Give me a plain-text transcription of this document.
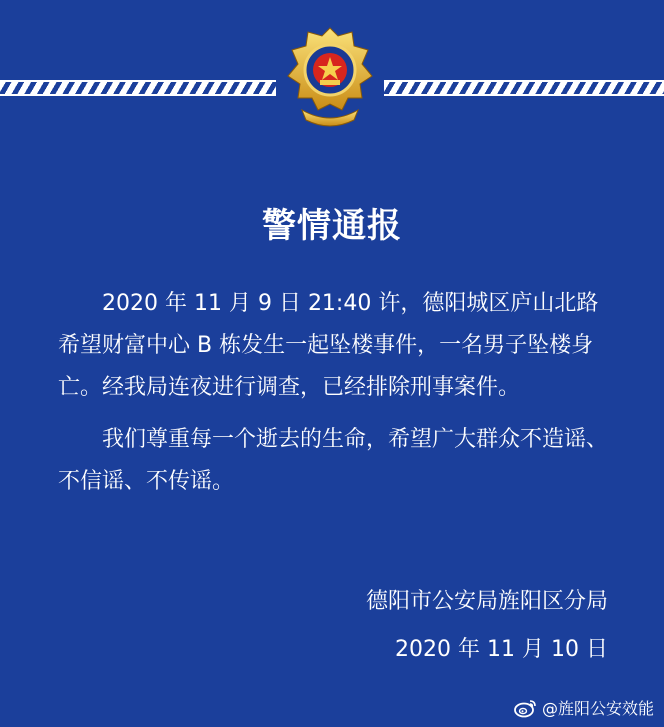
警情通报

2020 年 11 月 9 日 21:40 许，德阳城区庐山北路希望财富中心 B 栋发生一起坠楼事件，一名男子坠楼身亡。经我局连夜进行调查，已经排除刑事案件。

我们尊重每一个逝去的生命，希望广大群众不造谣、不信谣、不传谣。

德阳市公安局旌阳区分局
2020 年 11 月 10 日
@旌阳公安效能
